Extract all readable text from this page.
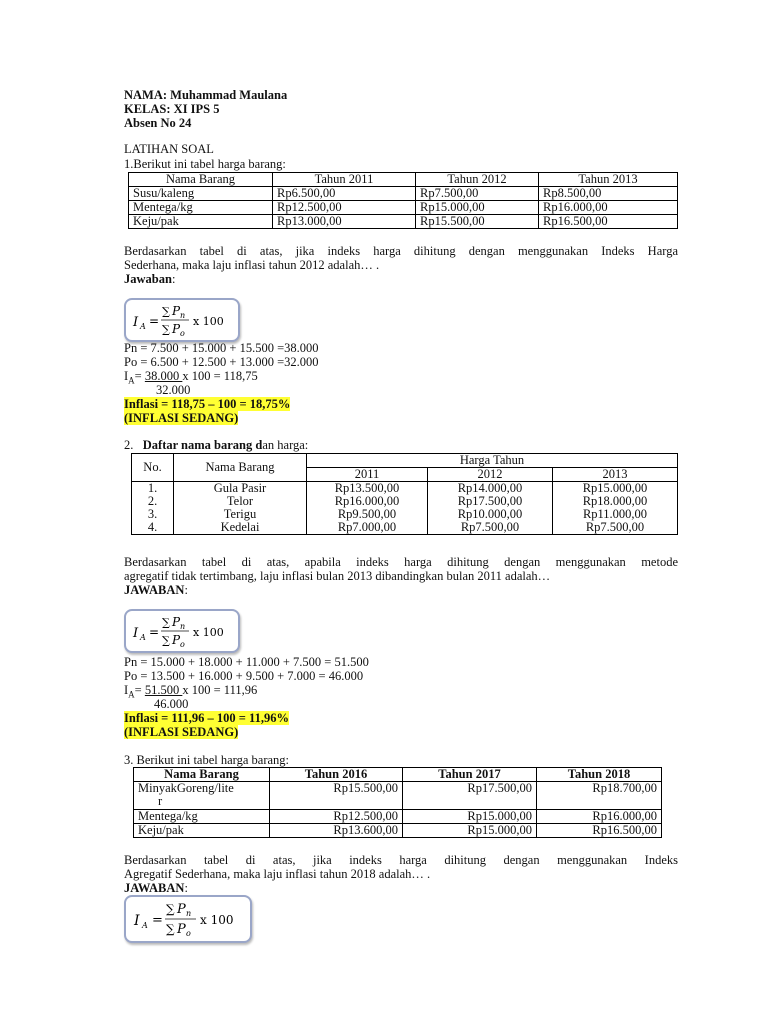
NAMA: Muhammad Maulana
KELAS: XI IPS 5
Absen No 24
LATIHAN SOAL
1.Berikut ini tabel harga barang:
Nama Barang	Tahun 2011	Tahun 2012	Tahun 2013
Susu/kaleng	Rp6.500,00	Rp7.500,00	Rp8.500,00
Mentega/kg	Rp12.500,00	Rp15.000,00	Rp16.000,00
Keju/pak	Rp13.000,00	Rp15.500,00	Rp16.500,00
Berdasarkan tabel di atas, jika indeks harga dihitung dengan menggunakan Indeks Harga
Sederhana, maka laju inflasi tahun 2012 adalah… .
Jawaban:
I A =
∑ P n
∑ P o
x 100
Pn = 7.500 + 15.000 + 15.500 =38.000
Po = 6.500 + 12.500 + 13.000 =32.000
$I_A= 38.000$ x 100 = 118,75
32.000
Inflasi = 118,75 – 100 = 18,75%
(INFLASI SEDANG)
2. Daftar nama barang dan harga:
No.	Nama Barang	Harga Tahun		
		2011	2012	2013
1.	Gula Pasir	Rp13.500,00	Rp14.000,00	Rp15.000,00
2.	Telor	Rp16.000,00	Rp17.500,00	Rp18.000,00
3.	Terigu	Rp9.500,00	Rp10.000,00	Rp11.000,00
4.	Kedelai	Rp7.000,00	Rp7.500,00	Rp7.500,00
Berdasarkan tabel di atas, apabila indeks harga dihitung dengan menggunakan metode
agregatif tidak tertimbang, laju inflasi bulan 2013 dibandingkan bulan 2011 adalah…
JAWABAN:
I A =
∑ P n
∑ P o
x 100
Pn = 15.000 + 18.000 + 11.000 + 7.500 = 51.500
Po = 13.500 + 16.000 + 9.500 + 7.000 = 46.000
$I_A= 51.500$ x 100 = 111,96
46.000
Inflasi = 111,96 – 100 = 11,96%
(INFLASI SEDANG)
3. Berikut ini tabel harga barang:
Nama Barang	Tahun 2016	Tahun 2017	Tahun 2018
MinyakGoreng/lite
r	Rp15.500,00	Rp17.500,00	Rp18.700,00
Mentega/kg	Rp12.500,00	Rp15.000,00	Rp16.000,00
Keju/pak	Rp13.600,00	Rp15.000,00	Rp16.500,00
Berdasarkan tabel di atas, jika indeks harga dihitung dengan menggunakan Indeks
Agregatif Sederhana, maka laju inflasi tahun 2018 adalah… .
JAWABAN:
I A =
∑ P n
∑ P o
x 100
